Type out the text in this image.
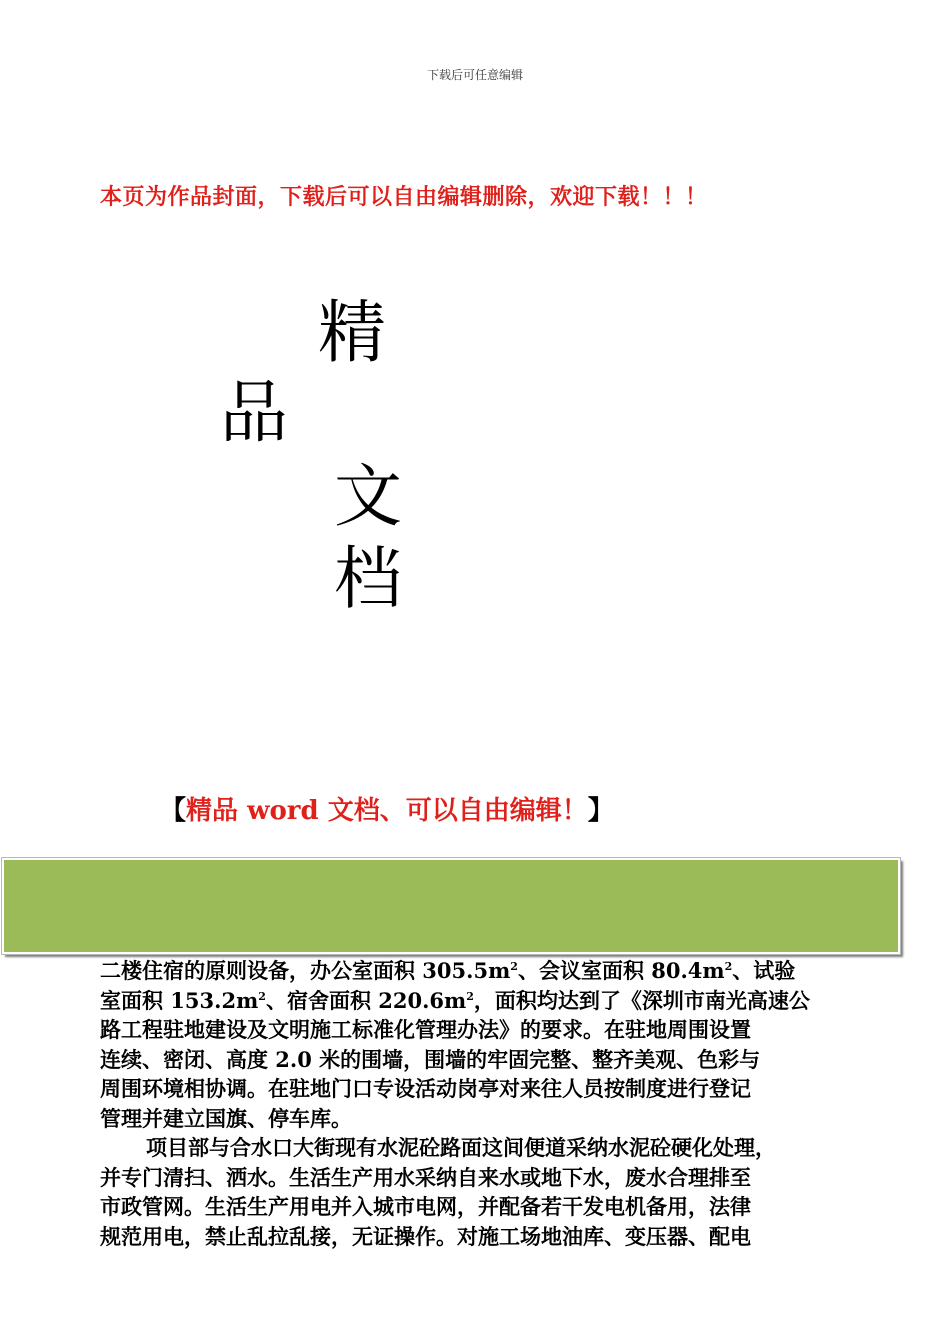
下载后可任意编辑
本页为作品封面，下载后可以自由编辑删除，欢迎下载！！！
精
品
文
档
【精品 word 文档、可以自由编辑！】
二楼住宿的原则设备，办公室面积 $305.5m^2$、会议室面积 $80.4m^2$、试验
室面积 $153.2m^2$、宿舍面积 $220.6m^2$，面积均达到了《深圳市南光高速公
路工程驻地建设及文明施工标准化管理办法》的要求。在驻地周围设置
连续、密闭、高度 2.0 米的围墙，围墙的牢固完整、整齐美观、色彩与
周围环境相协调。在驻地门口专设活动岗亭对来往人员按制度进行登记
管理并建立国旗、停车库。
项目部与合水口大街现有水泥砼路面这间便道采纳水泥砼硬化处理，
并专门清扫、洒水。生活生产用水采纳自来水或地下水，废水合理排至
市政管网。生活生产用电并入城市电网，并配备若干发电机备用，法律
规范用电，禁止乱拉乱接，无证操作。对施工场地油库、变压器、配电
